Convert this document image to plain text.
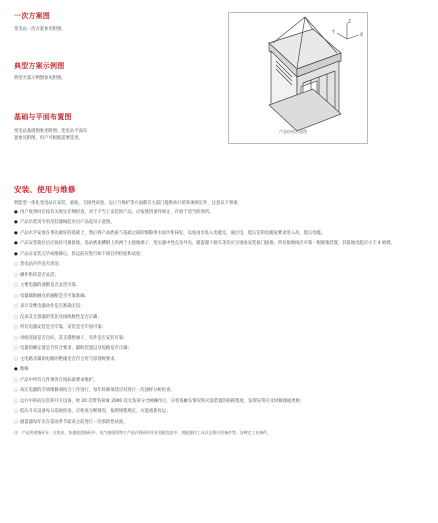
一次方案图
变电站一次方案参见附图。
典型方案示例图
典型方案示例图参见附图。
基础与平面布置图
变电站基础图参见附图；变电站平面布
置参见附图，用户可根据需要选用。
Z
X
Y
产品结构示意图
安装、使用与维修
智能型一体化变电站在安装、验收、交接性试验、运行与维护等方面都有九部门提供执行的各项规定外，注意以下事项：
● 用户收到时应按有关规定仔细检查，对于不当上安装的产品，应按使用条件规定，存放于适当的场所。
● 产品吊装用专用吊装器械起吊出产品起吊示意图。
● 产品水平安放在事先做好的基础上，然后将产品底座与基础之间的缝隙用水泥沙浆抹好，以免雨水进入电缆室，通过电、低压室的电缆按要求进入高、低压电缆。
● 产品安装就位后应按好可靠接地。电站底座槽钢上的两个主接地端子、变压器中性点及外壳、避雷器下接头等均应分别由安装接门接地，所有接地线应可靠一根接地装置，其接地电阻应小于 4 欧姆。
● 产品在安装完毕或维修后，投运前应进行如下项目的检验和试验：
○ 变电站内外是否清洁；
○ 操作机构是否灵活；
○ 主要电器的通断是否灵活可靠；
○ 电器辅助触点的通断是否可靠准确；
○ 表计及继电器动作是否准确无误；
○ 仪表及互感器的变比及接线极性是否正确；
○ 所有电器安装是否牢靠，安装是否牢固可靠；
○ 母线连接是否良好，其支撑绝缘子、夹件是否安装可靠；
○ 电器的额定值是否符合要求，辅助装置以及短路是否正确；
○ 主电路及辅助电路的绝缘是否符合电气原理规要求。
● 维修
○ 产品中所有元件须各自按标准要求维护。
○ 高压电器的专项维修须结合工作进行，每年检修须适应对进行一次油样分析检查；
○ 运行中的高压负荷开关设备，经 20 次带负荷或 2000 次无负荷分合闸操作后，应检查触头情况和灭弧装置的损耗程度，发现异常应及时修理或更换；
○ 低压开关设备每日巡视检查，应检查分断情况，按照规程规定，方能重新投运；
○ 避雷器每年应在雷雨季节前来之前进行一次预防性试验。
注：产品用途指标专，在收出、快速收款指标中，电气接线图和主产品并将同时作业装配包括中，初配操作工具以及相应的备件等，各种完工具备件。
